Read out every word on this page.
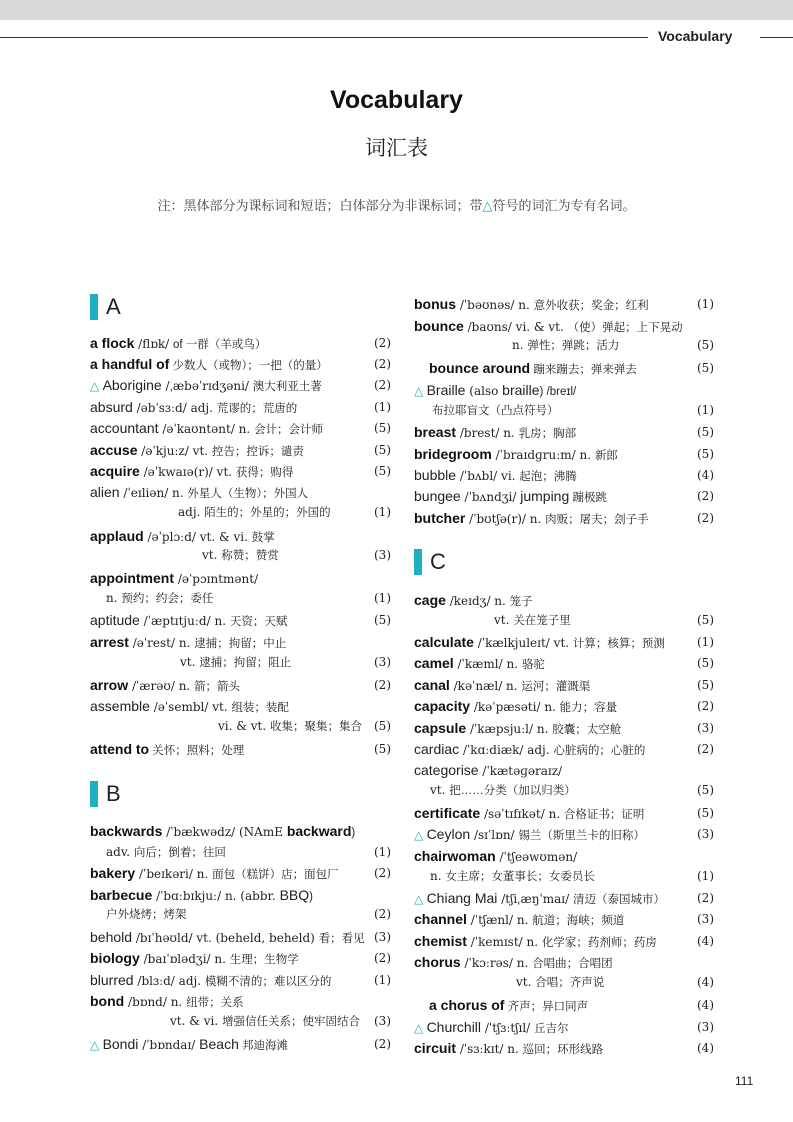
Vocabulary
Vocabulary
词汇表
注：黑体部分为课标词和短语；白体部分为非课标词；带△符号的词汇为专有名词。
A
B
C
a flock /flɒk/ of 一群（羊或鸟）	(2)
a handful of 少数人（或物）；一把（的量）	(2)
△ Aborigine /ˌæbəˈrɪdʒəni/ 澳大利亚土著	(2)
absurd /əbˈsɜːd/ adj. 荒谬的；荒唐的	(1)
accountant /əˈkaʊntənt/ n. 会计；会计师	(5)
accuse /əˈkjuːz/ vt. 控告；控诉；谴责	(5)
acquire /əˈkwaɪə(r)/ vt. 获得；购得	(5)
alien /ˈeɪliən/ n. 外星人（生物）；外国人
adj. 陌生的；外星的；外国的	(1)
applaud /əˈplɔːd/ vt. & vi. 鼓掌
vt. 称赞；赞赏	(3)
appointment /əˈpɔɪntmənt/
n. 预约；约会；委任	(1)
aptitude /ˈæptɪtjuːd/ n. 天资；天赋	(5)
arrest /əˈrest/ n. 逮捕；拘留；中止
vt. 逮捕；拘留；阻止	(3)
arrow /ˈærəʊ/ n. 箭；箭头	(2)
assemble /əˈsembl/ vt. 组装；装配
vi. & vt. 收集；聚集；集合	(5)
attend to 关怀；照料；处理	(5)
backwards /ˈbækwədz/ (NAmE backward)
adv. 向后；倒着；往回	(1)
bakery /ˈbeɪkəri/ n. 面包（糕饼）店；面包厂	(2)
barbecue /ˈbɑːbɪkjuː/ n. (abbr. BBQ)
户外烧烤；烤架	(2)
behold /bɪˈhəʊld/ vt. (beheld, beheld) 看；看见 (3)
biology /baɪˈɒlədʒi/ n. 生理；生物学	(2)
blurred /blɜːd/ adj. 模糊不清的；难以区分的	(1)
bond /bɒnd/ n. 纽带；关系
vt. & vi. 增强信任关系；使牢固结合	(3)
△ Bondi /ˈbɒndaɪ/ Beach 邦迪海滩	(2)
bonus /ˈbəʊnəs/ n. 意外收获；奖金；红利	(1)
bounce /baʊns/ vi. & vt. （使）弹起；上下晃动
n. 弹性；弹跳；活力	(5)
bounce around 蹦来蹦去；弹来弹去	(5)
△ Braille (also braille) /breɪl/
布拉耶盲文（凸点符号）	(1)
breast /brest/ n. 乳房；胸部	(5)
bridegroom /ˈbraɪdɡruːm/ n. 新郎	(5)
bubble /ˈbʌbl/ vi. 起泡；沸腾	(4)
bungee /ˈbʌndʒi/ jumping 蹦极跳	(2)
butcher /ˈbʊtʃə(r)/ n. 肉贩；屠夫；刽子手	(2)
cage /keɪdʒ/ n. 笼子
vt. 关在笼子里	(5)
calculate /ˈkælkjuleɪt/ vt. 计算；核算；预测	(1)
camel /ˈkæml/ n. 骆驼	(5)
canal /kəˈnæl/ n. 运河；灌溉渠	(5)
capacity /kəˈpæsəti/ n. 能力；容量	(2)
capsule /ˈkæpsjuːl/ n. 胶囊；太空舱	(3)
cardiac /ˈkɑːdiæk/ adj. 心脏病的；心脏的	(2)
categorise /ˈkætəɡəraɪz/
vt. 把……分类（加以归类）	(5)
certificate /səˈtɪfɪkət/ n. 合格证书；证明	(5)
△ Ceylon /sɪˈlɒn/ 锡兰（斯里兰卡的旧称）	(3)
chairwoman /ˈtʃeəwʊmən/
n. 女主席；女董事长；女委员长	(1)
△ Chiang Mai /tʃiˌæŋˈmaɪ/ 清迈（泰国城市）	(2)
channel /ˈtʃænl/ n. 航道；海峡；频道	(3)
chemist /ˈkemɪst/ n. 化学家；药剂师；药房	(4)
chorus /ˈkɔːrəs/ n. 合唱曲；合唱团
vt. 合唱；齐声说	(4)
a chorus of 齐声；异口同声	(4)
△ Churchill /ˈtʃɜːtʃɪl/ 丘吉尔	(3)
circuit /ˈsɜːkɪt/ n. 巡回；环形线路	(4)
111
